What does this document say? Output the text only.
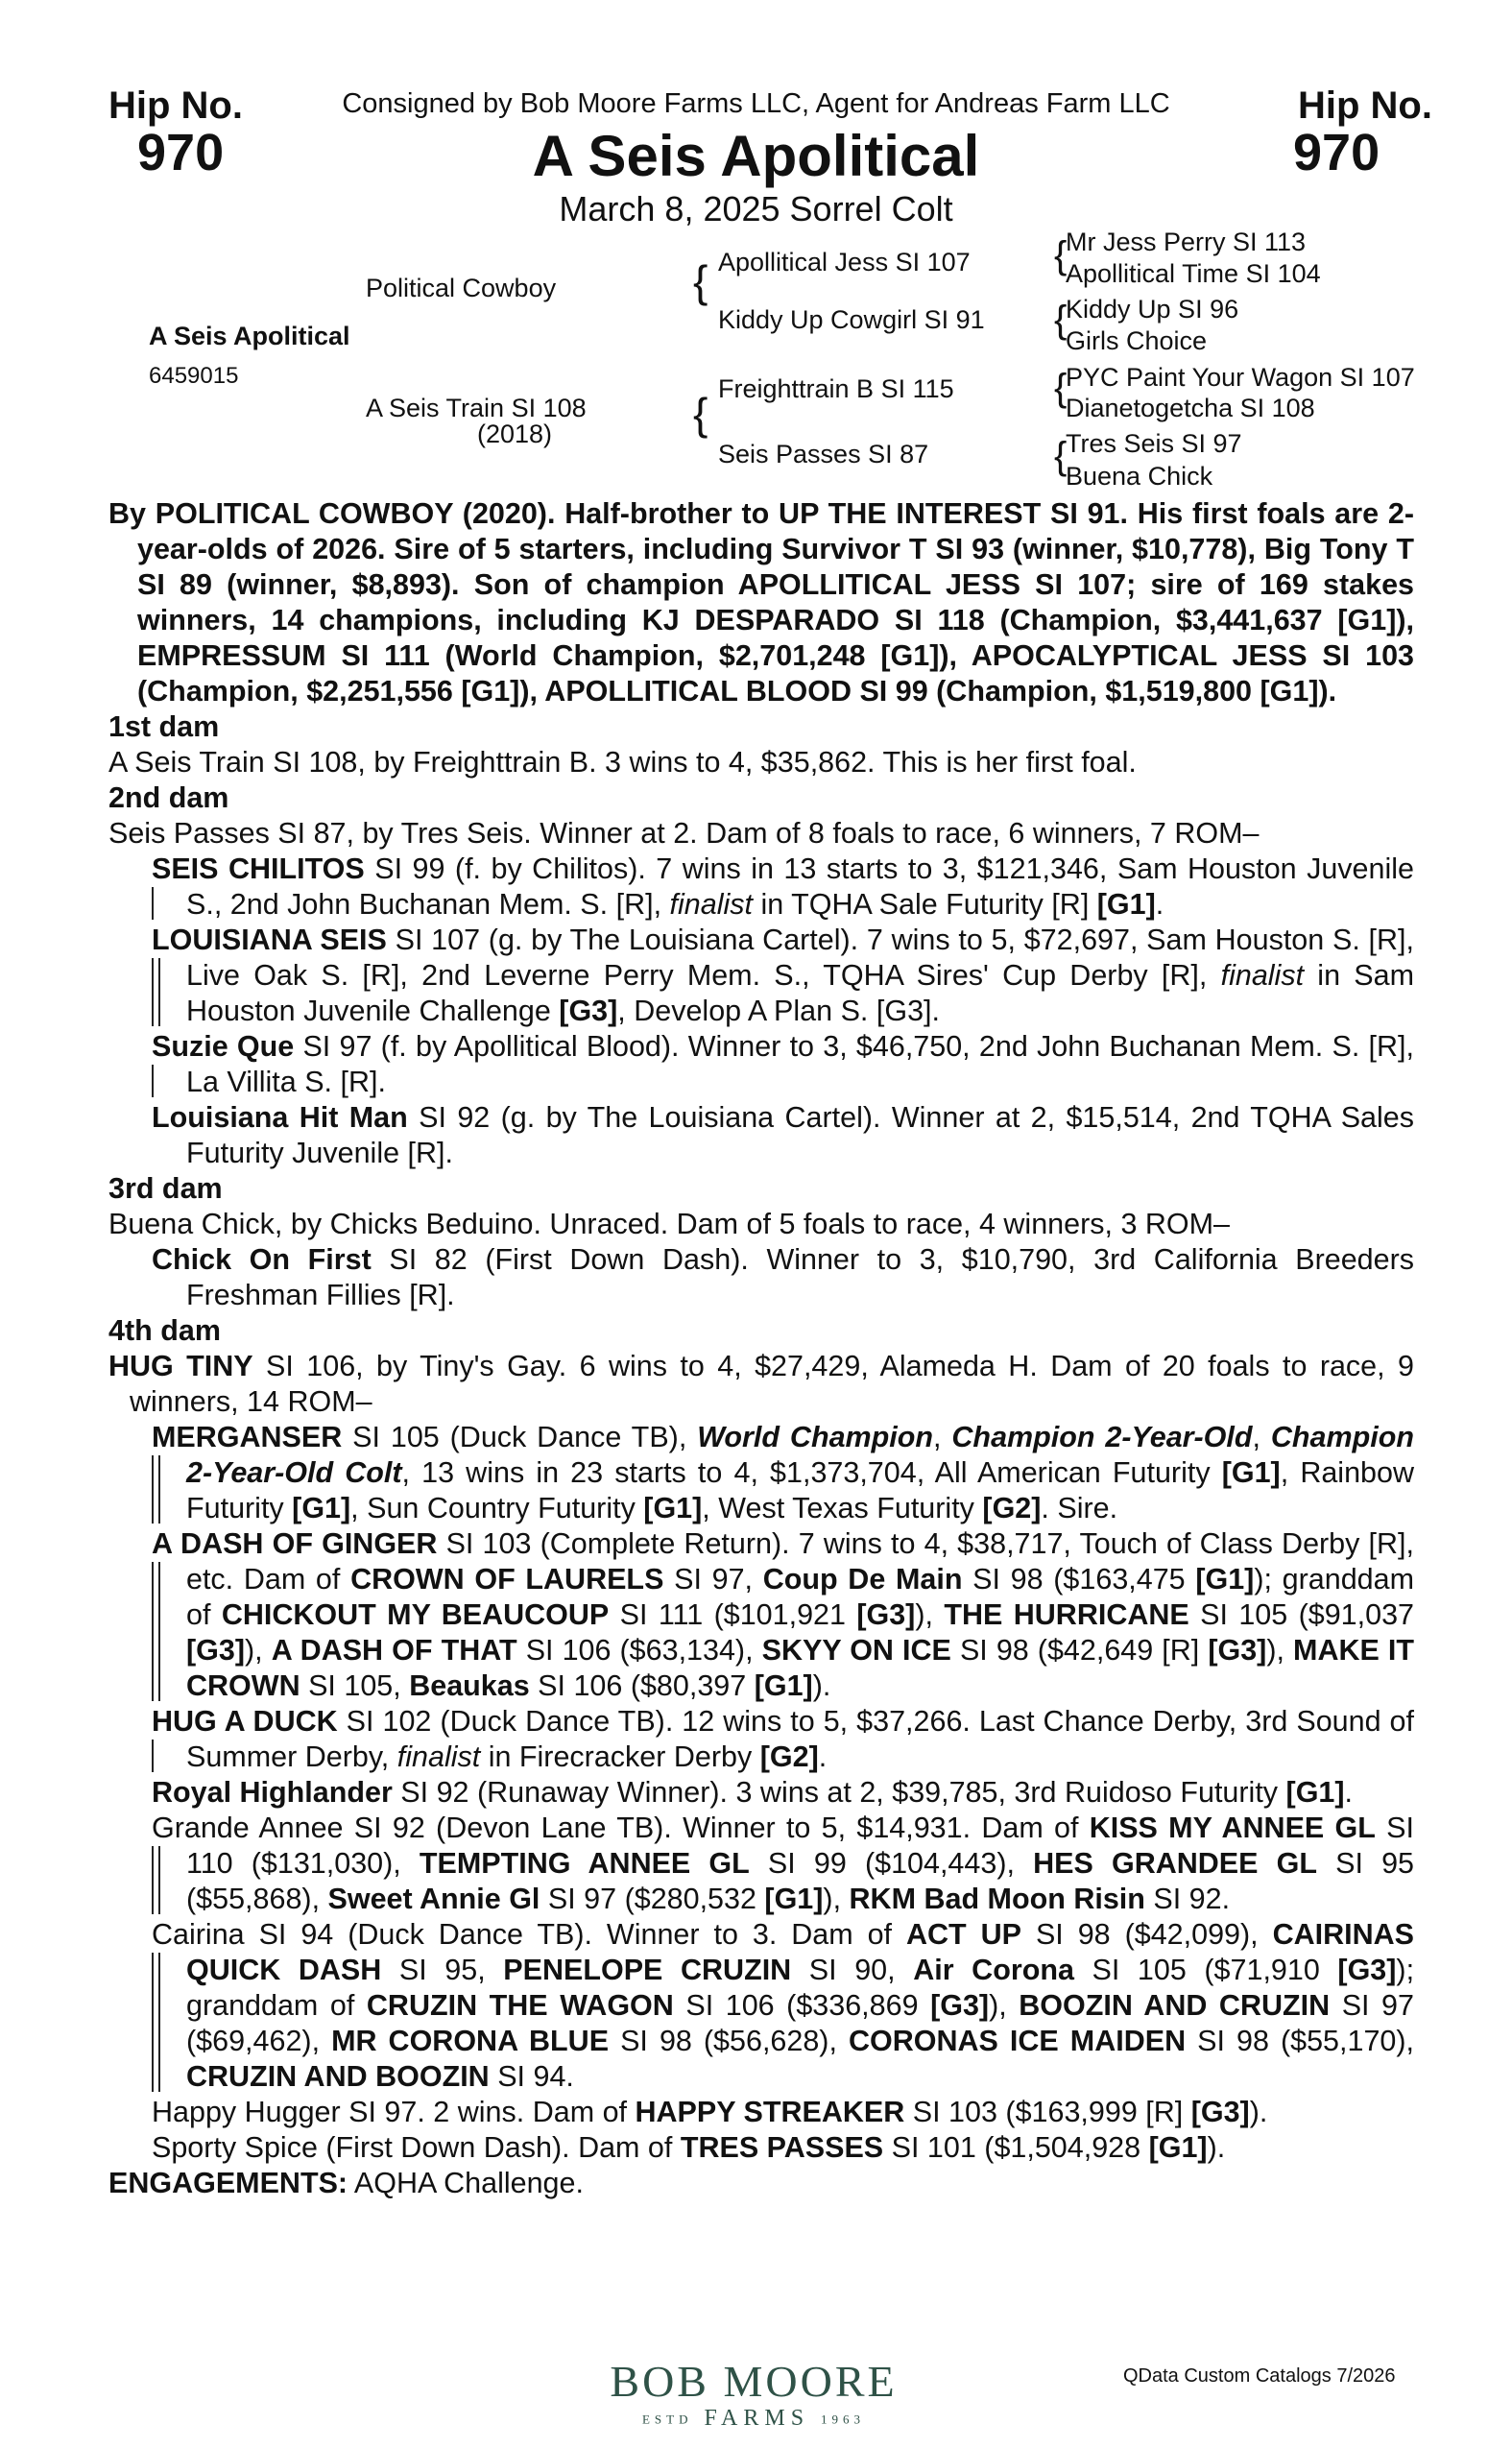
Hip No.
970
Hip No.
970
Consigned by Bob Moore Farms LLC, Agent for Andreas Farm LLC
A Seis Apolitical
March 8, 2025 Sorrel Colt
A Seis Apolitical
6459015
Political Cowboy
A Seis Train SI 108
(2018)
{ Apollitical Jess SI 107
Kiddy Up Cowgirl SI 91
{ Freighttrain B SI 115
Seis Passes SI 87
{
Mr Jess Perry SI 113
Apollitical Time SI 104
{
Kiddy Up SI 96
Girls Choice
{
PYC Paint Your Wagon SI 107
Dianetogetcha SI 108
{
Tres Seis SI 97
Buena Chick

By POLITICAL COWBOY (2020). Half-brother to UP THE INTEREST SI 91. His first foals are 2-year-olds of 2026. Sire of 5 starters, including Survivor T SI 93 (winner, $10,778), Big Tony T SI 89 (winner, $8,893). Son of champion APOLLITICAL JESS SI 107; sire of 169 stakes winners, 14 champions, including KJ DESPARADO SI 118 (Champion, $3,441,637 [G1]), EMPRESSUM SI 111 (World Champion, $2,701,248 [G1]), APOCALYPTICAL JESS SI 103 (Champion, $2,251,556 [G1]), APOLLITICAL BLOOD SI 99 (Champion, $1,519,800 [G1]).

1st dam

A Seis Train SI 108, by Freighttrain B. 3 wins to 4, $35,862. This is her first foal.

2nd dam

Seis Passes SI 87, by Tres Seis. Winner at 2. Dam of 8 foals to race, 6 winners, 7 ROM–

SEIS CHILITOS SI 99 (f. by Chilitos). 7 wins in 13 starts to 3, $121,346, Sam Houston Juvenile S., 2nd John Buchanan Mem. S. [R], finalist in TQHA Sale Futurity [R] [G1].

LOUISIANA SEIS SI 107 (g. by The Louisiana Cartel). 7 wins to 5, $72,697, Sam Houston S. [R], Live Oak S. [R], 2nd Leverne Perry Mem. S., TQHA Sires' Cup Derby [R], finalist in Sam Houston Juvenile Challenge [G3], Develop A Plan S. [G3].

Suzie Que SI 97 (f. by Apollitical Blood). Winner to 3, $46,750, 2nd John Buchanan Mem. S. [R], La Villita S. [R].

Louisiana Hit Man SI 92 (g. by The Louisiana Cartel). Winner at 2, $15,514, 2nd TQHA Sales Futurity Juvenile [R].

3rd dam

Buena Chick, by Chicks Beduino. Unraced. Dam of 5 foals to race, 4 winners, 3 ROM–

Chick On First SI 82 (First Down Dash). Winner to 3, $10,790, 3rd California Breeders Freshman Fillies [R].

4th dam

HUG TINY SI 106, by Tiny's Gay. 6 wins to 4, $27,429, Alameda H. Dam of 20 foals to race, 9 winners, 14 ROM–

MERGANSER SI 105 (Duck Dance TB), World Champion, Champion 2-Year-Old, Champion 2-Year-Old Colt, 13 wins in 23 starts to 4, $1,373,704, All American Futurity [G1], Rainbow Futurity [G1], Sun Country Futurity [G1], West Texas Futurity [G2]. Sire.

A DASH OF GINGER SI 103 (Complete Return). 7 wins to 4, $38,717, Touch of Class Derby [R], etc. Dam of CROWN OF LAURELS SI 97, Coup De Main SI 98 ($163,475 [G1]); granddam of CHICKOUT MY BEAUCOUP SI 111 ($101,921 [G3]), THE HURRICANE SI 105 ($91,037 [G3]), A DASH OF THAT SI 106 ($63,134), SKYY ON ICE SI 98 ($42,649 [R] [G3]), MAKE IT CROWN SI 105, Beaukas SI 106 ($80,397 [G1]).

HUG A DUCK SI 102 (Duck Dance TB). 12 wins to 5, $37,266. Last Chance Derby, 3rd Sound of Summer Derby, finalist in Firecracker Derby [G2].

Royal Highlander SI 92 (Runaway Winner). 3 wins at 2, $39,785, 3rd Ruidoso Futurity [G1].

Grande Annee SI 92 (Devon Lane TB). Winner to 5, $14,931. Dam of KISS MY ANNEE GL SI 110 ($131,030), TEMPTING ANNEE GL SI 99 ($104,443), HES GRANDEE GL SI 95 ($55,868), Sweet Annie Gl SI 97 ($280,532 [G1]), RKM Bad Moon Risin SI 92.

Cairina SI 94 (Duck Dance TB). Winner to 3. Dam of ACT UP SI 98 ($42,099), CAIRINAS QUICK DASH SI 95, PENELOPE CRUZIN SI 90, Air Corona SI 105 ($71,910 [G3]); granddam of CRUZIN THE WAGON SI 106 ($336,869 [G3]), BOOZIN AND CRUZIN SI 97 ($69,462), MR CORONA BLUE SI 98 ($56,628), CORONAS ICE MAIDEN SI 98 ($55,170), CRUZIN AND BOOZIN SI 94.

Happy Hugger SI 97. 2 wins. Dam of HAPPY STREAKER SI 103 ($163,999 [R] [G3]).

Sporty Spice (First Down Dash). Dam of TRES PASSES SI 101 ($1,504,928 [G1]).

ENGAGEMENTS: AQHA Challenge.

BOB MOORE
ESTD FARMS 1963
QData Custom Catalogs 7/2026
